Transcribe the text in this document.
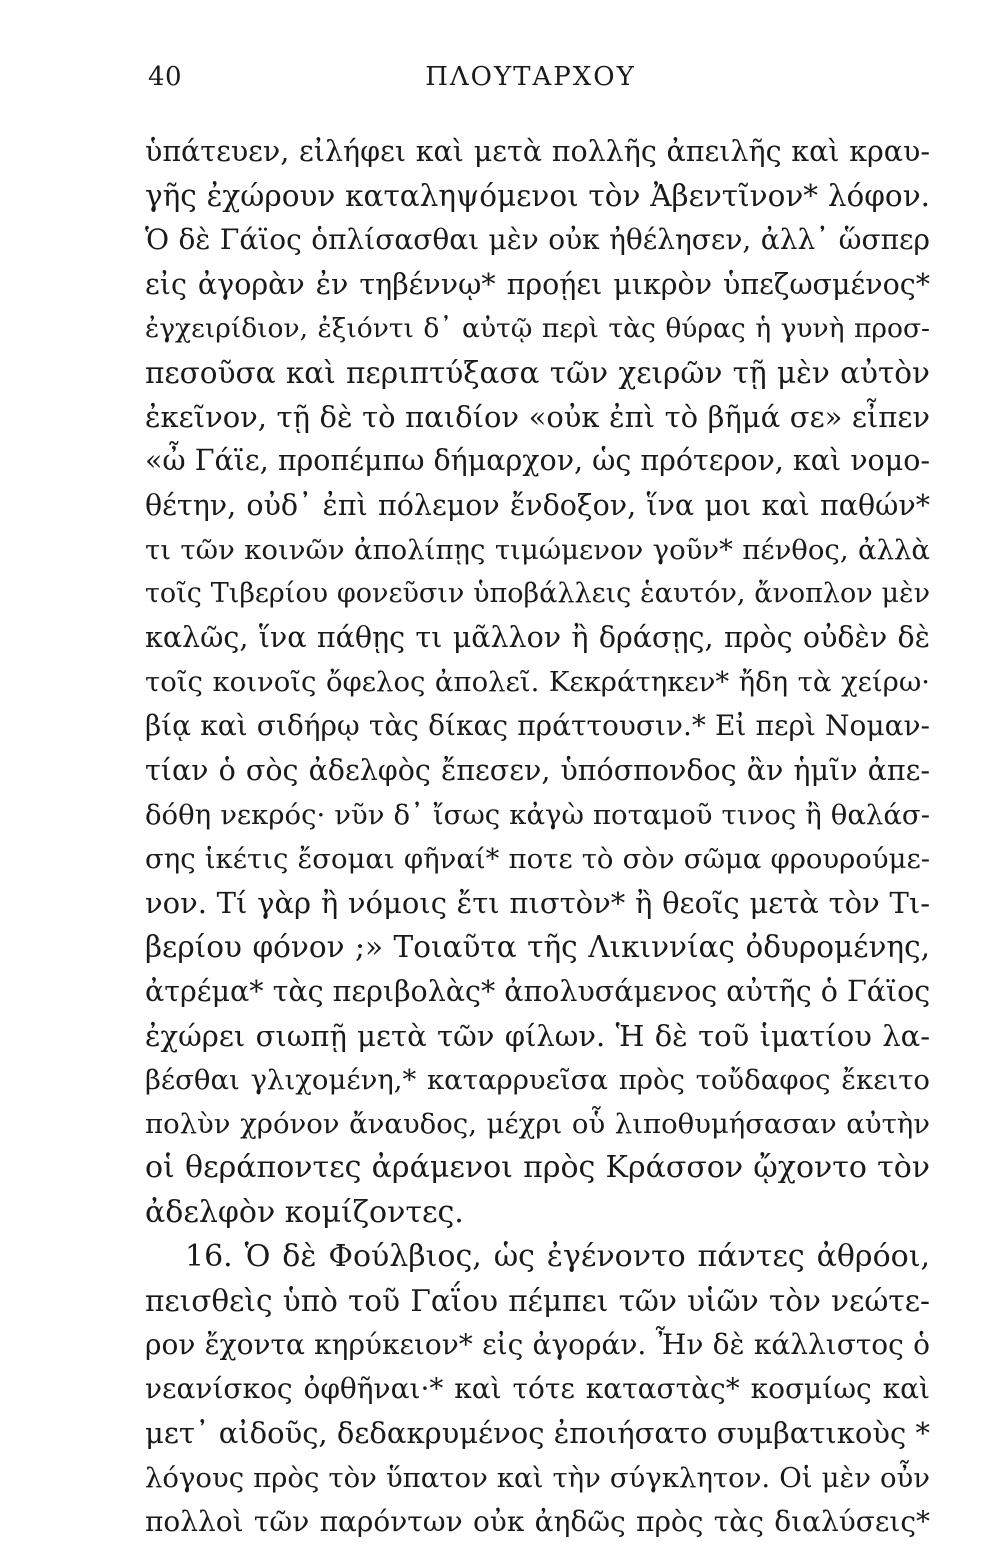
40	ΠΛΟΥΤΑΡΧΟΥ
ὑπάτευεν, εἰλήφει καὶ μετὰ πολλῆς ἀπειλῆς καὶ κραυ-
γῆς ἐχώρουν καταληψόμενοι τὸν Ἀβεντῖνον* λόφον.
Ὁ δὲ Γάϊος ὁπλίσασθαι μὲν οὐκ ἠθέλησεν, ἀλλ᾽ ὥσπερ
εἰς ἀγορὰν ἐν τηβέννῳ* προῄει μικρὸν ὑπεζωσμένος*
ἐγχειρίδιον, ἐξιόντι δ᾽ αὐτῷ περὶ τὰς θύρας ἡ γυνὴ προσ-
πεσοῦσα καὶ περιπτύξασα τῶν χειρῶν τῇ μὲν αὐτὸν
ἐκεῖνον, τῇ δὲ τὸ παιδίον «οὐκ ἐπὶ τὸ βῆμά σε» εἶπεν
«ὦ Γάϊε, προπέμπω δήμαρχον, ὡς πρότερον, καὶ νομο-
θέτην, οὐδ᾽ ἐπὶ πόλεμον ἔνδοξον, ἵνα μοι καὶ παθών*
τι τῶν κοινῶν ἀπολίπῃς τιμώμενον γοῦν* πένθος, ἀλλὰ
τοῖς Τιβερίου φονεῦσιν ὑποβάλλεις ἑαυτόν, ἄνοπλον μὲν
καλῶς, ἵνα πάθῃς τι μᾶλλον ἢ δράσῃς, πρὸς οὐδὲν δὲ
τοῖς κοινοῖς ὄφελος ἀπολεῖ. Κεκράτηκεν* ἤδη τὰ χείρω·
βίᾳ καὶ σιδήρῳ τὰς δίκας πράττουσιν.* Εἰ περὶ Νομαν-
τίαν ὁ σὸς ἀδελφὸς ἔπεσεν, ὑπόσπονδος ἂν ἡμῖν ἀπε-
δόθη νεκρός· νῦν δ᾽ ἴσως κἀγὼ ποταμοῦ τινος ἢ θαλάσ-
σης ἱκέτις ἔσομαι φῆναί* ποτε τὸ σὸν σῶμα φρουρούμε-
νον. Τί γὰρ ἢ νόμοις ἔτι πιστὸν* ἢ θεοῖς μετὰ τὸν Τι-
βερίου φόνον ;» Τοιαῦτα τῆς Λικιννίας ὀδυρομένης,
ἀτρέμα* τὰς περιβολὰς* ἀπολυσάμενος αὐτῆς ὁ Γάϊος
ἐχώρει σιωπῇ μετὰ τῶν φίλων. Ἡ δὲ τοῦ ἱματίου λα-
βέσθαι γλιχομένη,* καταρρυεῖσα πρὸς τοὔδαφος ἔκειτο
πολὺν χρόνον ἄναυδος, μέχρι οὗ λιποθυμήσασαν αὐτὴν
οἱ θεράποντες ἀράμενοι πρὸς Κράσσον ᾤχοντο τὸν
ἀδελφὸν κομίζοντες.
16. Ὁ δὲ Φούλβιος, ὡς ἐγένοντο πάντες ἀθρόοι,
πεισθεὶς ὑπὸ τοῦ Γαΐου πέμπει τῶν υἱῶν τὸν νεώτε-
ρον ἔχοντα κηρύκειον* εἰς ἀγοράν. Ἦν δὲ κάλλιστος ὁ
νεανίσκος ὀφθῆναι·* καὶ τότε καταστὰς* κοσμίως καὶ
μετ᾽ αἰδοῦς, δεδακρυμένος ἐποιήσατο συμβατικοὺς *
λόγους πρὸς τὸν ὕπατον καὶ τὴν σύγκλητον. Οἱ μὲν οὖν
πολλοὶ τῶν παρόντων οὐκ ἀηδῶς πρὸς τὰς διαλύσεις*
